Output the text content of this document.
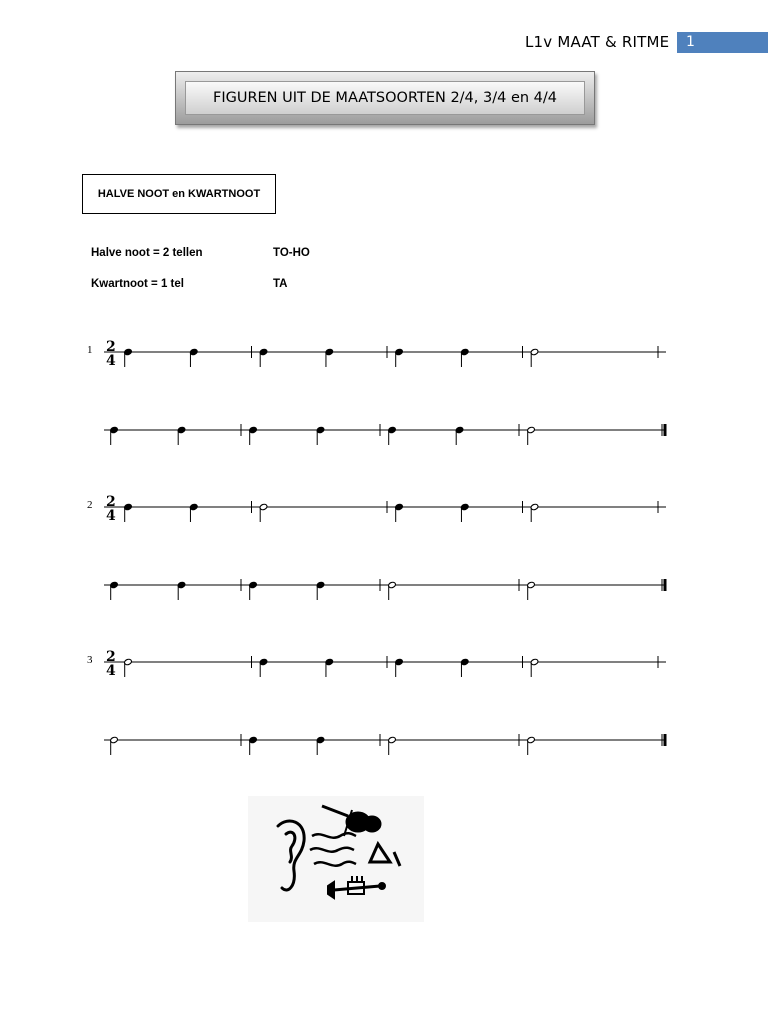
L1v MAAT & RITME 1
FIGUREN UIT DE MAATSOORTEN 2/4, 3/4 en 4/4
HALVE NOOT en KWARTNOOT
Halve noot = 2 tellen	TO-HO
Kwartnoot = 1 tel	TA
1 2
4
2 2
4
3 2
4
